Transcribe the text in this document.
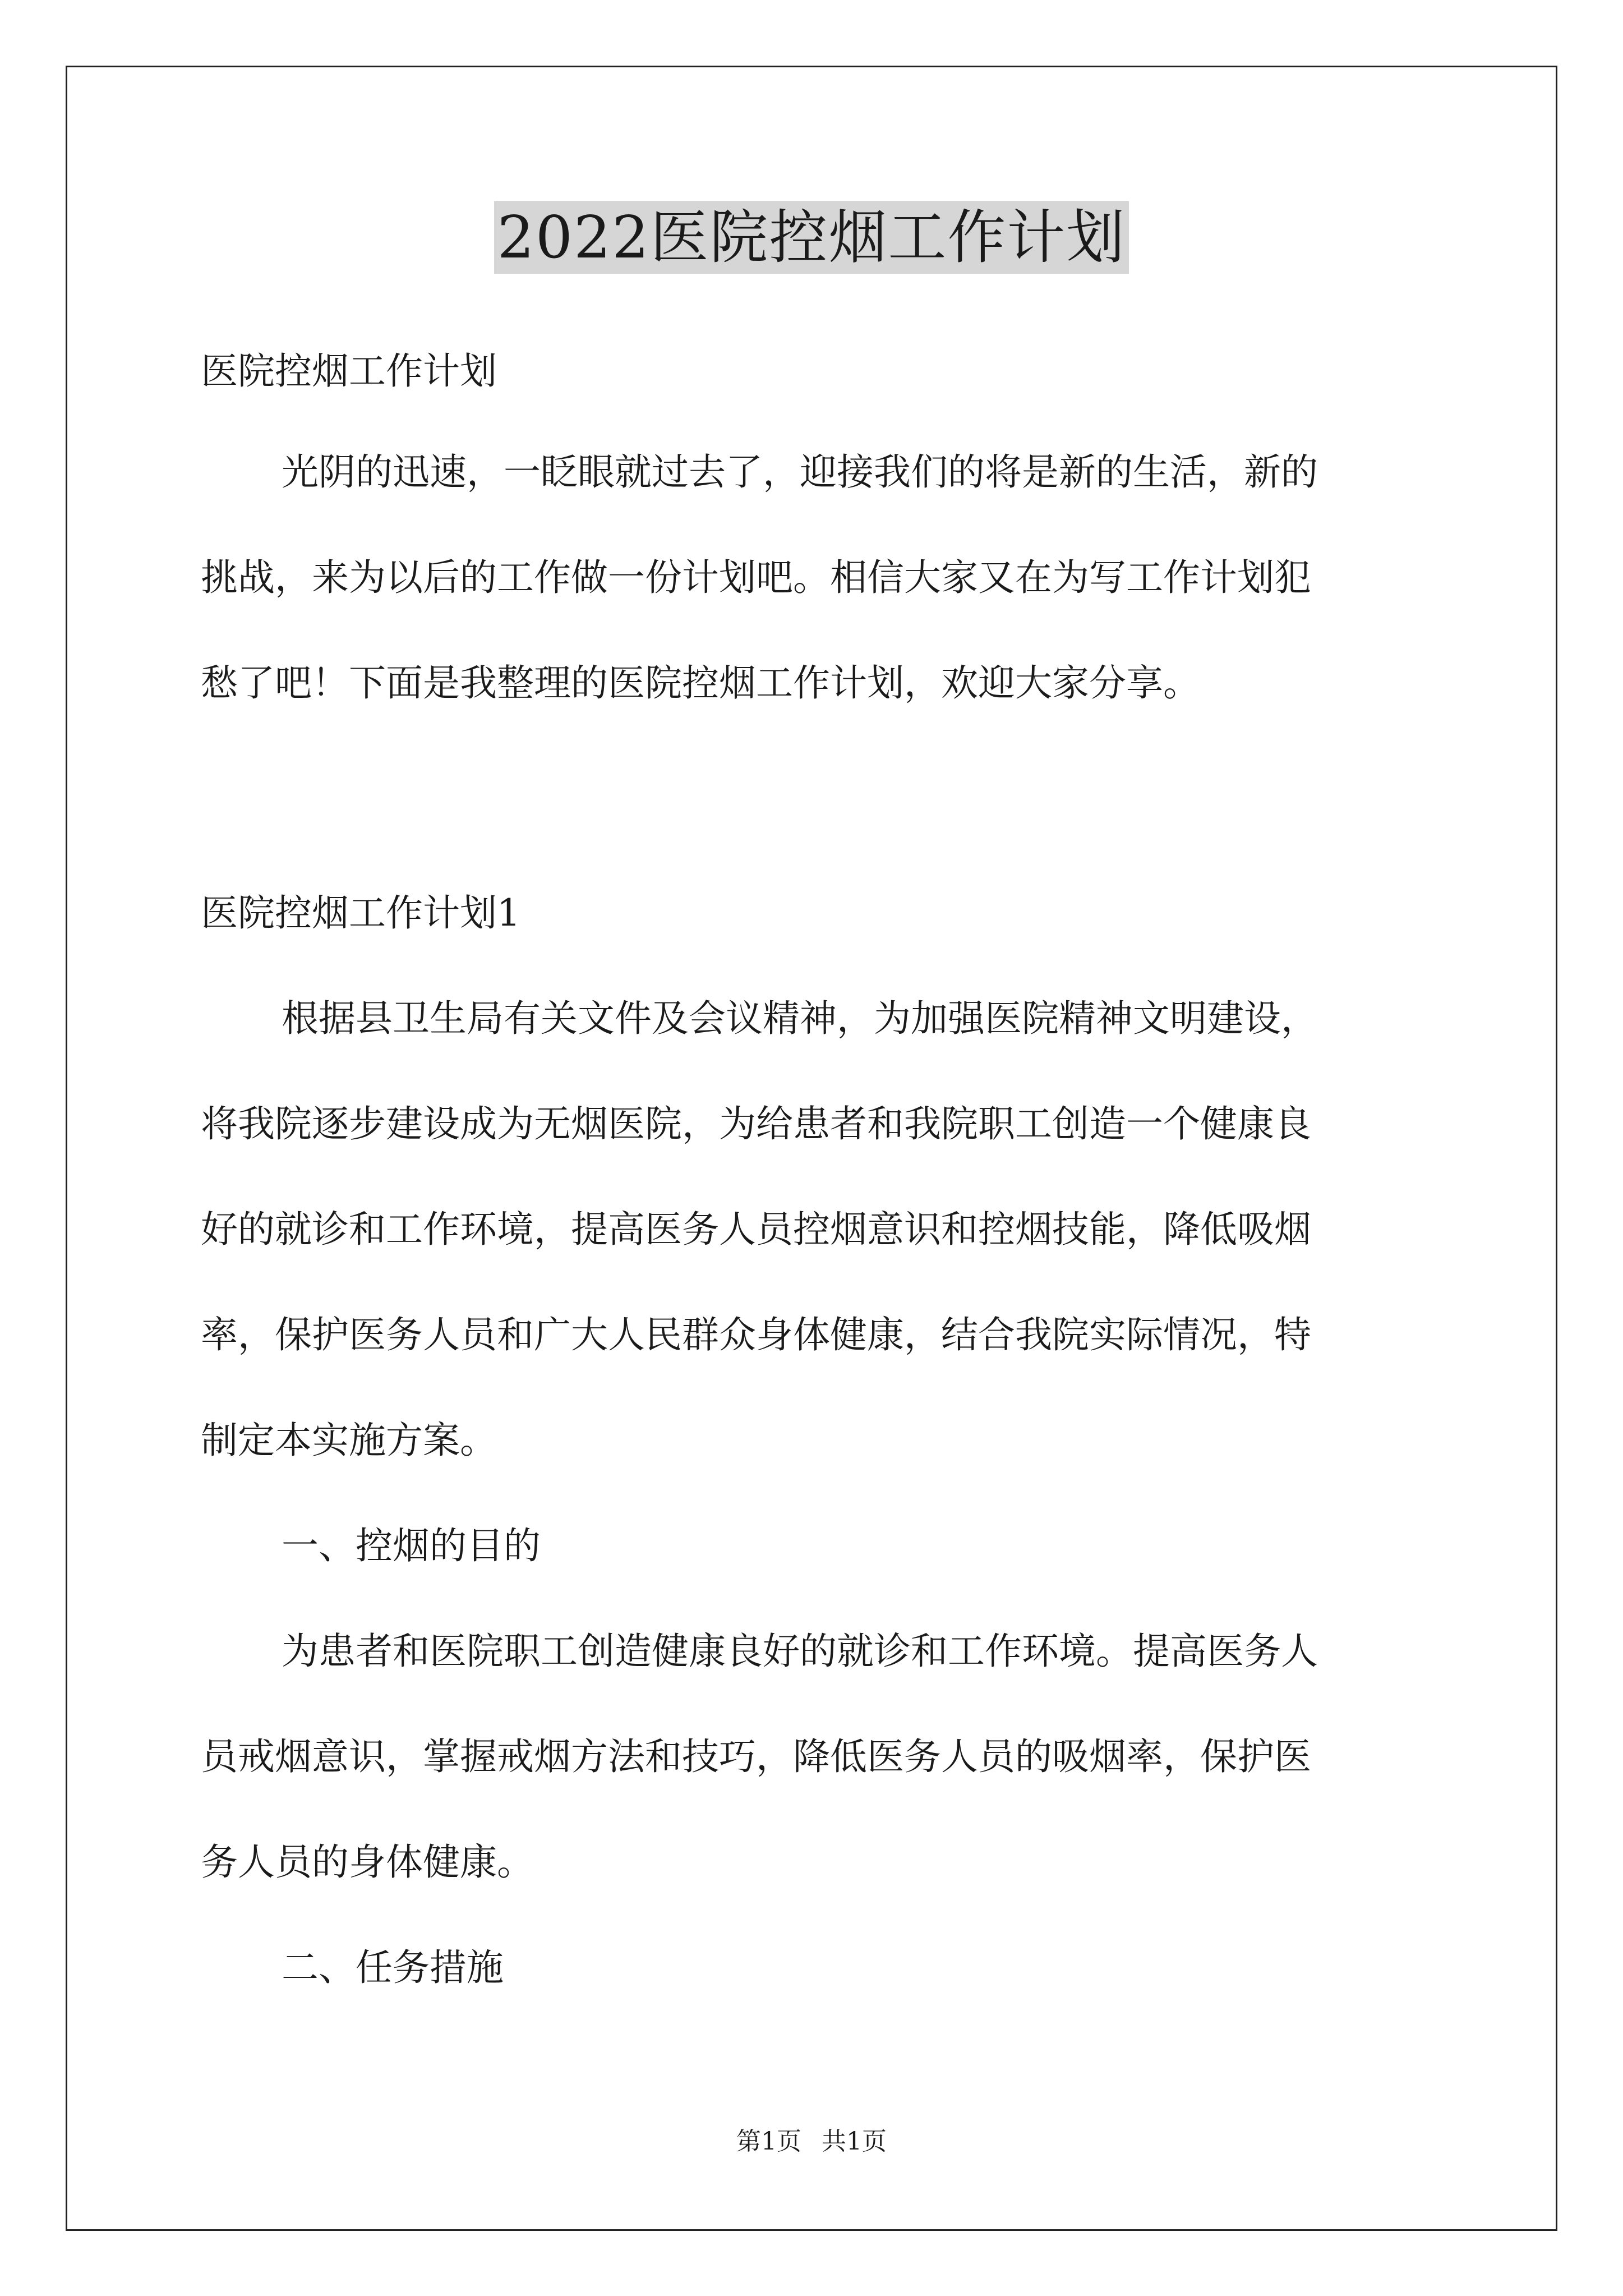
2022医院控烟工作计划
医院控烟工作计划
光阴的迅速，一眨眼就过去了，迎接我们的将是新的生活，新的
挑战，来为以后的工作做一份计划吧。相信大家又在为写工作计划犯
愁了吧！下面是我整理的医院控烟工作计划，欢迎大家分享。
医院控烟工作计划1
根据县卫生局有关文件及会议精神，为加强医院精神文明建设，
将我院逐步建设成为无烟医院，为给患者和我院职工创造一个健康良
好的就诊和工作环境，提高医务人员控烟意识和控烟技能，降低吸烟
率，保护医务人员和广大人民群众身体健康，结合我院实际情况，特
制定本实施方案。
一、控烟的目的
为患者和医院职工创造健康良好的就诊和工作环境。提高医务人
员戒烟意识，掌握戒烟方法和技巧，降低医务人员的吸烟率，保护医
务人员的身体健康。
二、任务措施
第1页 共1页
